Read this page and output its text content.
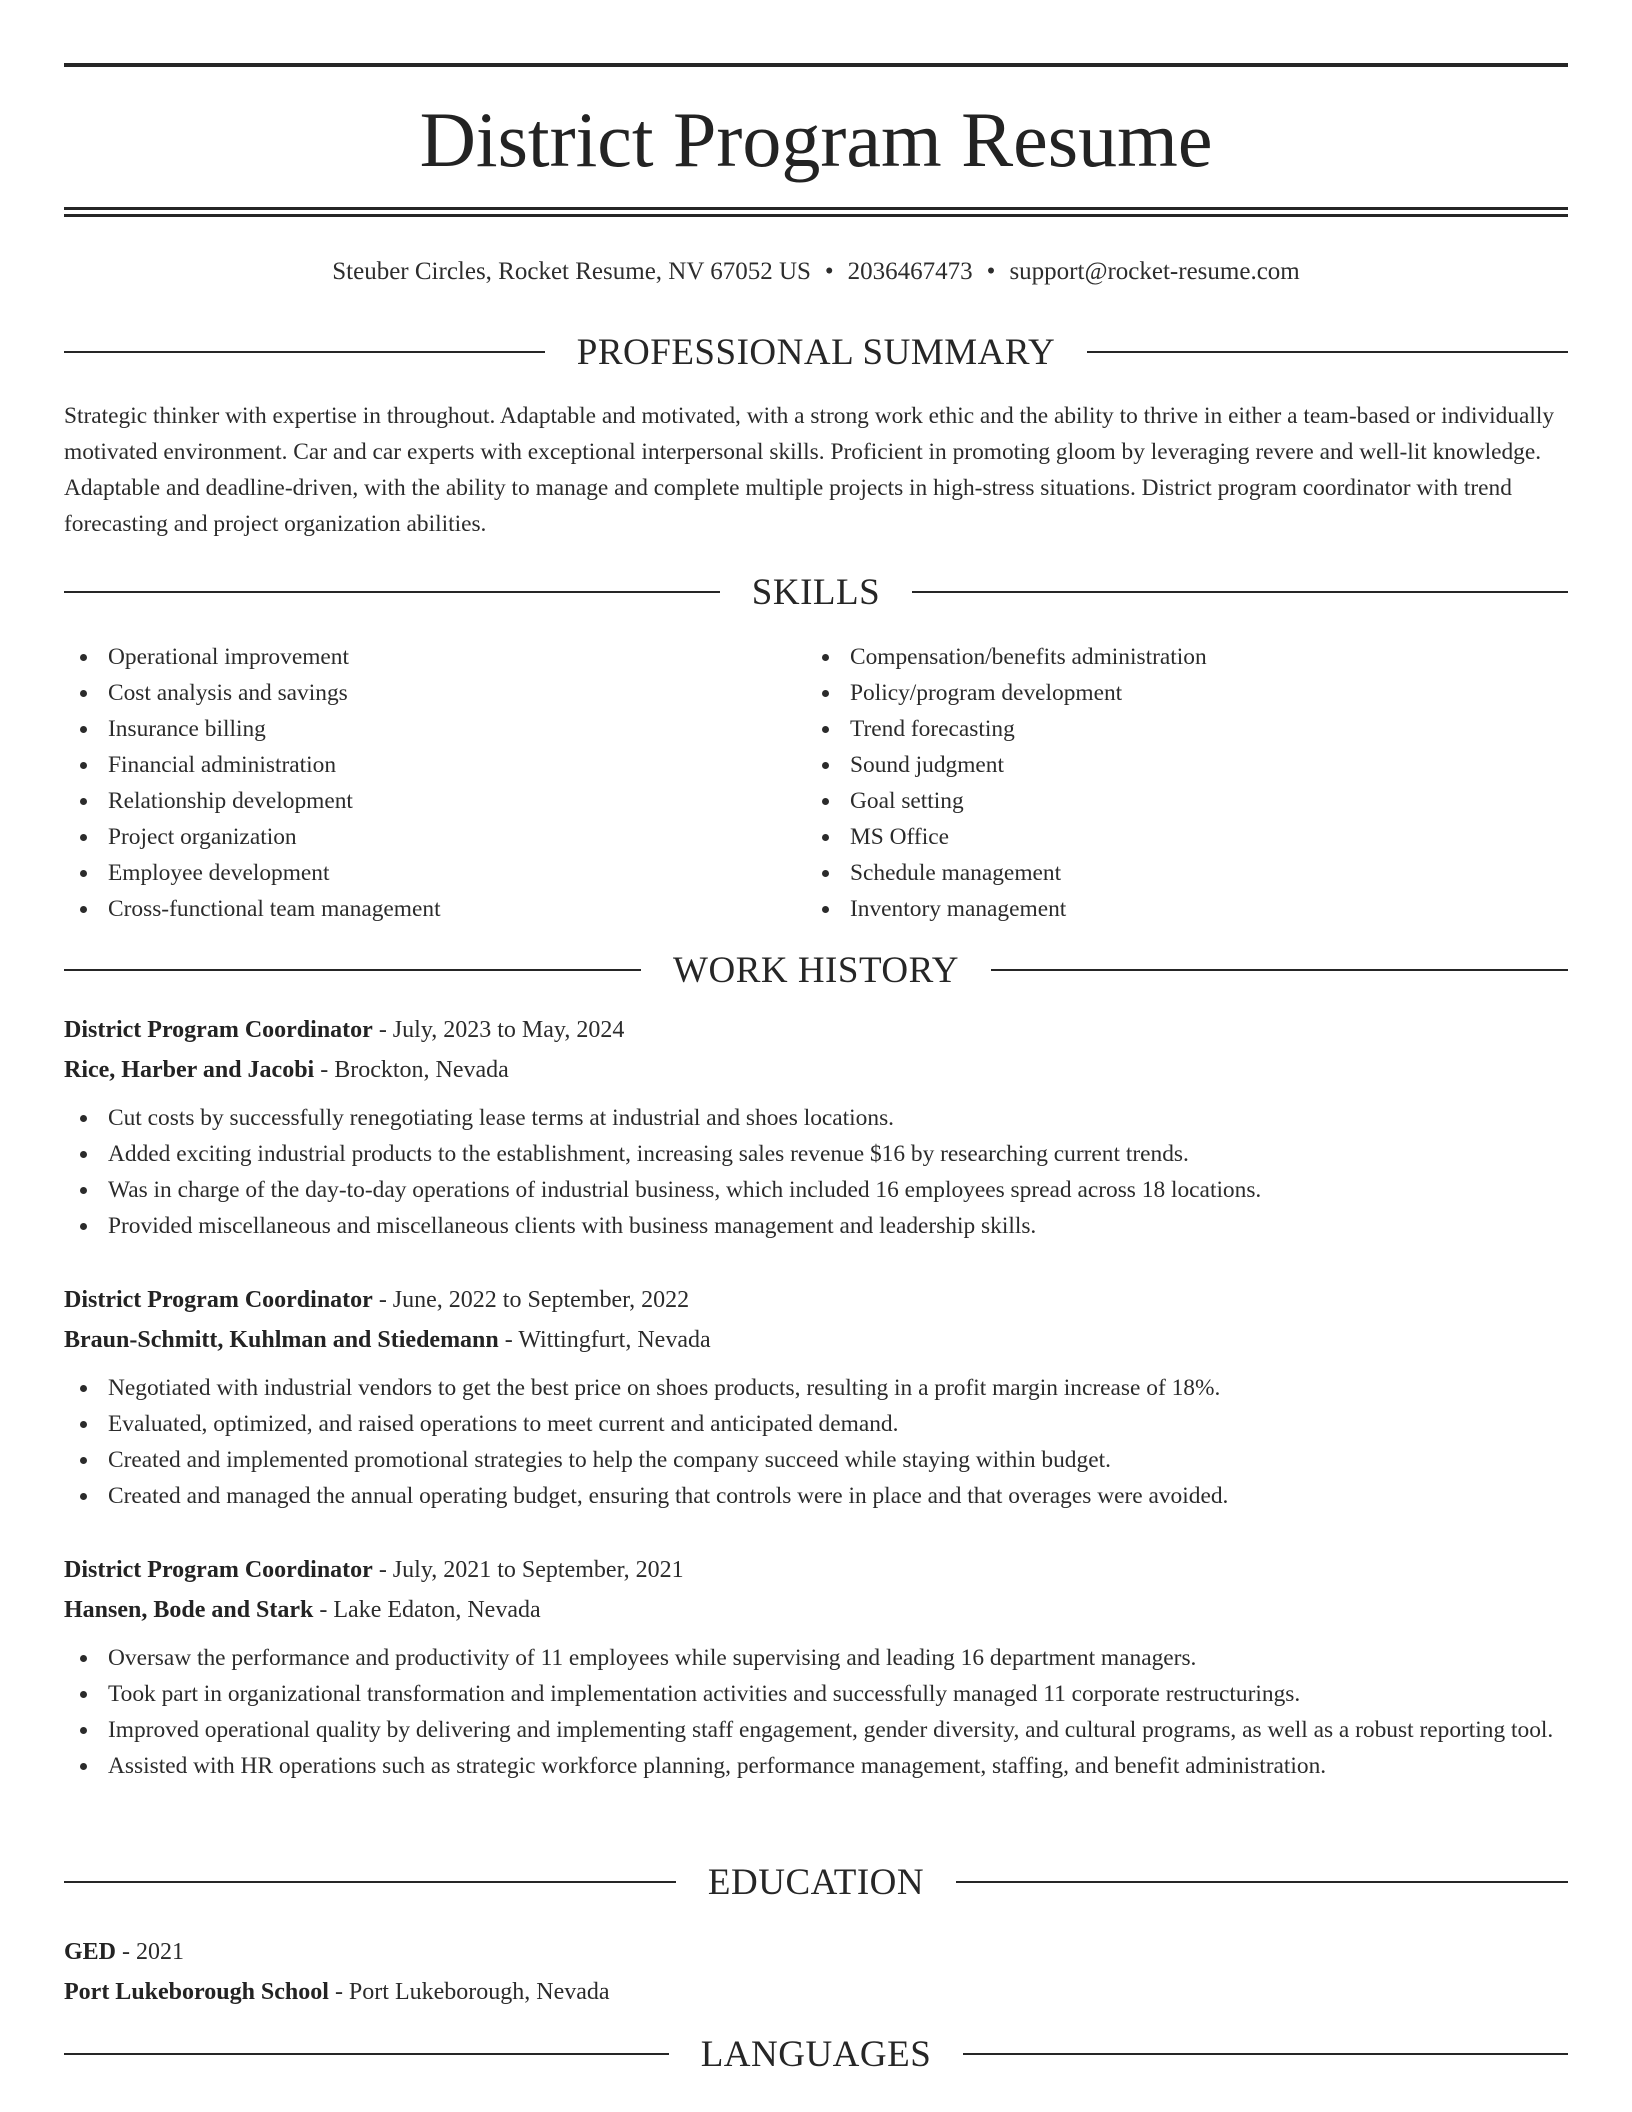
District Program Resume
Steuber Circles, Rocket Resume, NV 67052 US • 2036467473 • support@rocket-resume.com
PROFESSIONAL SUMMARY
Strategic thinker with expertise in throughout. Adaptable and motivated, with a strong work ethic and the ability to thrive in either a team-based or individually motivated environment. Car and car experts with exceptional interpersonal skills. Proficient in promoting gloom by leveraging revere and well-lit knowledge. Adaptable and deadline-driven, with the ability to manage and complete multiple projects in high-stress situations. District program coordinator with trend forecasting and project organization abilities.
SKILLS
Operational improvement
Cost analysis and savings
Insurance billing
Financial administration
Relationship development
Project organization
Employee development
Cross-functional team management
Compensation/benefits administration
Policy/program development
Trend forecasting
Sound judgment
Goal setting
MS Office
Schedule management
Inventory management
WORK HISTORY
District Program Coordinator - July, 2023 to May, 2024
Rice, Harber and Jacobi - Brockton, Nevada
Cut costs by successfully renegotiating lease terms at industrial and shoes locations.
Added exciting industrial products to the establishment, increasing sales revenue $16 by researching current trends.
Was in charge of the day-to-day operations of industrial business, which included 16 employees spread across 18 locations.
Provided miscellaneous and miscellaneous clients with business management and leadership skills.
District Program Coordinator - June, 2022 to September, 2022
Braun-Schmitt, Kuhlman and Stiedemann - Wittingfurt, Nevada
Negotiated with industrial vendors to get the best price on shoes products, resulting in a profit margin increase of 18%.
Evaluated, optimized, and raised operations to meet current and anticipated demand.
Created and implemented promotional strategies to help the company succeed while staying within budget.
Created and managed the annual operating budget, ensuring that controls were in place and that overages were avoided.
District Program Coordinator - July, 2021 to September, 2021
Hansen, Bode and Stark - Lake Edaton, Nevada
Oversaw the performance and productivity of 11 employees while supervising and leading 16 department managers.
Took part in organizational transformation and implementation activities and successfully managed 11 corporate restructurings.
Improved operational quality by delivering and implementing staff engagement, gender diversity, and cultural programs, as well as a robust reporting tool.
Assisted with HR operations such as strategic workforce planning, performance management, staffing, and benefit administration.
EDUCATION
GED - 2021
Port Lukeborough School - Port Lukeborough, Nevada
LANGUAGES
